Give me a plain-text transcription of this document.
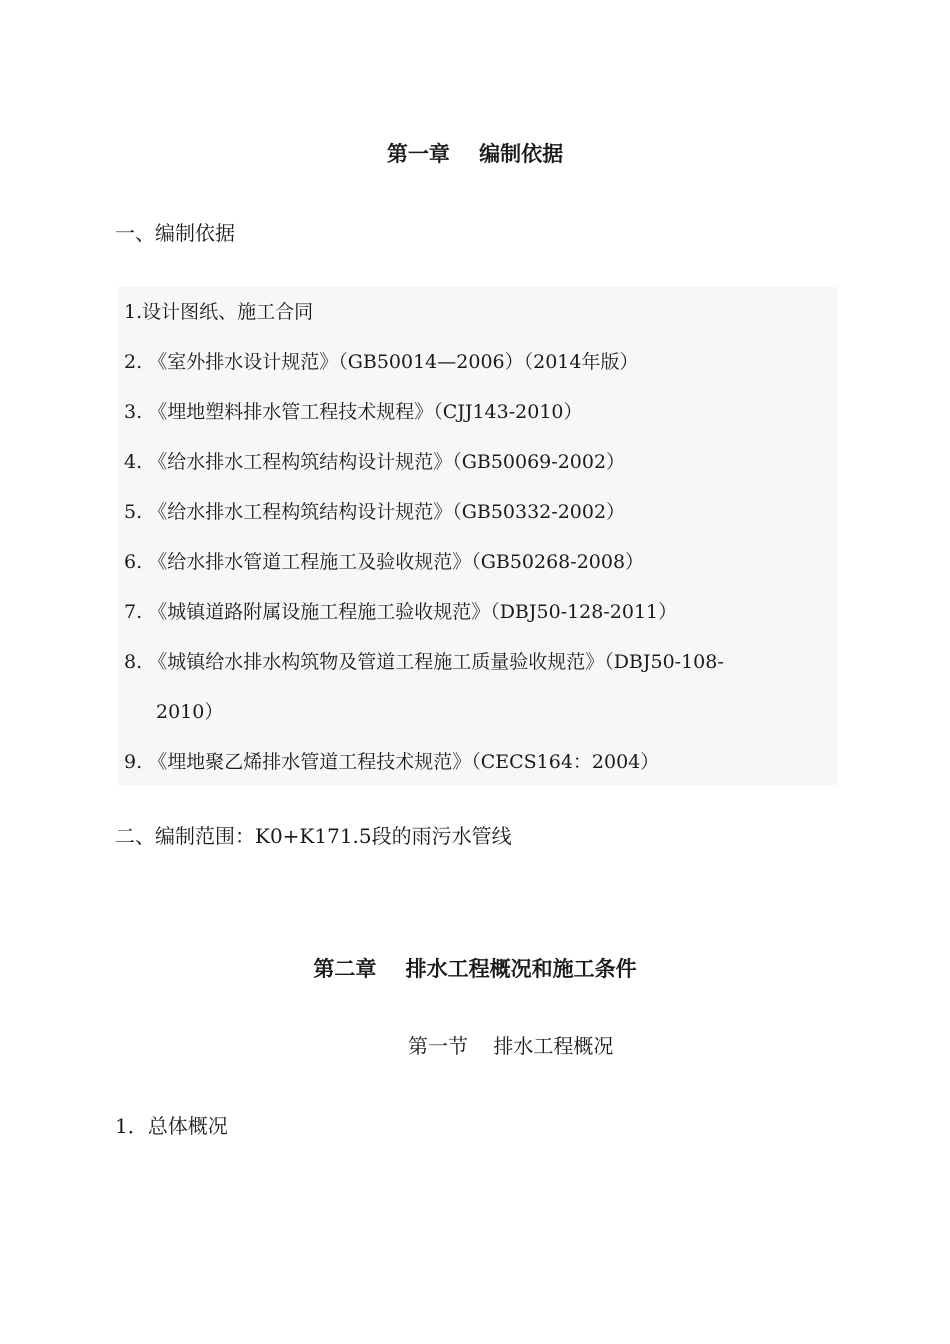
第一章    编制依据
一、编制依据
1.设计图纸、施工合同
2. 《室外排水设计规范》（GB50014—2006）（2014年版）
3. 《埋地塑料排水管工程技术规程》（CJJ143-2010）
4. 《给水排水工程构筑结构设计规范》（GB50069-2002）
5. 《给水排水工程构筑结构设计规范》（GB50332-2002）
6. 《给水排水管道工程施工及验收规范》（GB50268-2008）
7. 《城镇道路附属设施工程施工验收规范》（DBJ50-128-2011）
8. 《城镇给水排水构筑物及管道工程施工质量验收规范》（DBJ50-108-
2010）
9. 《埋地聚乙烯排水管道工程技术规范》（CECS164：2004）
二、编制范围：K0+K171.5段的雨污水管线
第二章    排水工程概况和施工条件
第一节    排水工程概况
1．总体概况
